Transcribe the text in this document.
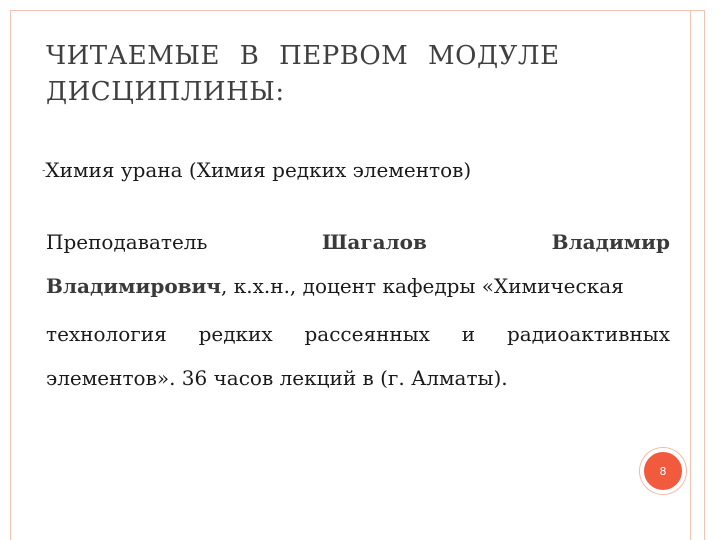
ЧИТАЕМЫЕ В ПЕРВОМ МОДУЛЕ
ДИСЦИПЛИНЫ:
-Химия урана (Химия редких элементов)
Преподаватель	Шагалов	Владимир
Владимирович, к.х.н., доцент кафедры «Химическая
технология редких рассеянных и радиоактивных
элементов». 36 часов лекций в (г. Алматы).
8
